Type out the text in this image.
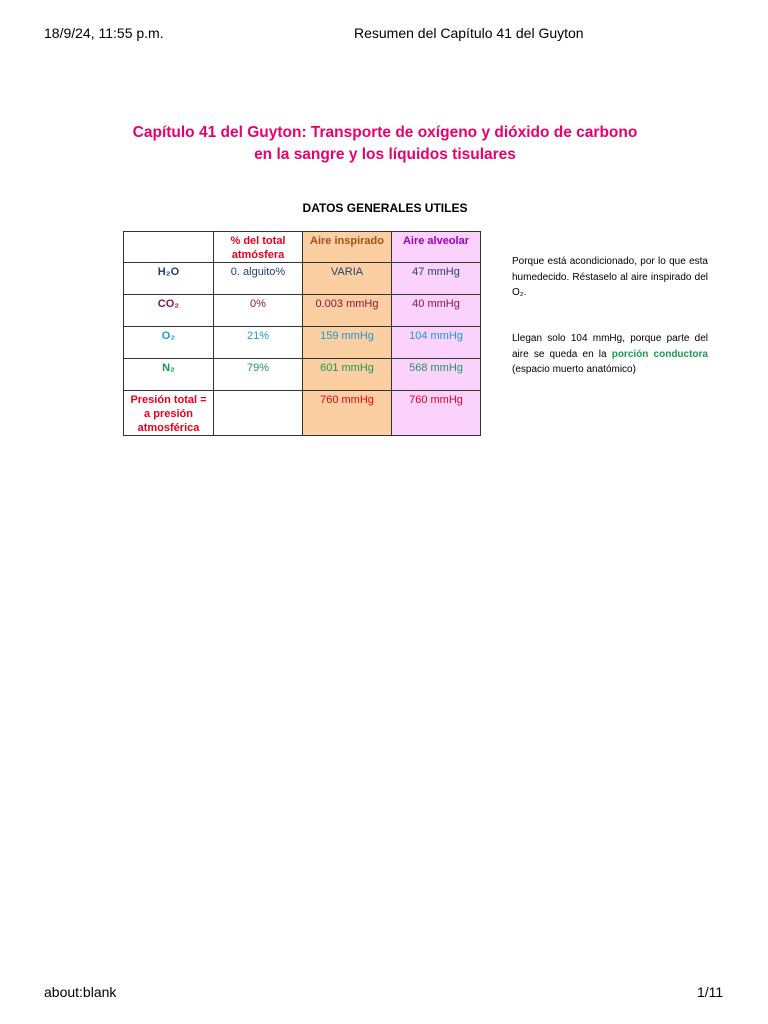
18/9/24, 11:55 p.m.	Resumen del Capítulo 41 del Guyton
Capítulo 41 del Guyton: Transporte de oxígeno y dióxido de carbono
en la sangre y los líquidos tisulares
DATOS GENERALES UTILES
	% del total atmósfera	Aire inspirado	Aire alveolar
H₂O	0. alguito%	VARIA	47 mmHg
CO₂	0%	0.003 mmHg	40 mmHg
O₂	21%	159 mmHg	104 mmHg
N₂	79%	601 mmHg	568 mmHg
Presión total = a presión atmosférica		760 mmHg	760 mmHg
Porque está acondicionado, por lo que esta humedecido. Réstaselo al aire inspirado del O₂.
Llegan solo 104 mmHg, porque parte del aire se queda en la porción conductora (espacio muerto anatómico)
about:blank	1/11
